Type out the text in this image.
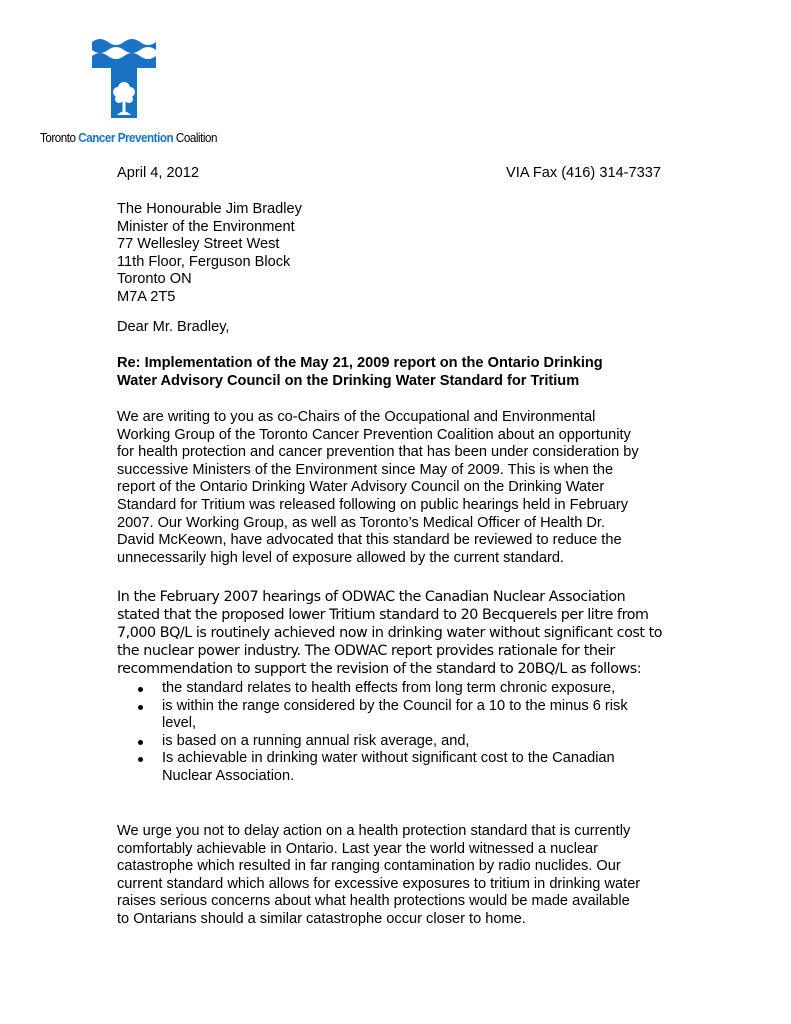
Toronto Cancer Prevention Coalition
April 4, 2012	VIA Fax (416) 314-7337
The Honourable Jim Bradley
Minister of the Environment
77 Wellesley Street West
11th Floor, Ferguson Block
Toronto ON
M7A 2T5
Dear Mr. Bradley,
Re: Implementation of the May 21, 2009 report on the Ontario Drinking
Water Advisory Council on the Drinking Water Standard for Tritium
We are writing to you as co-Chairs of the Occupational and Environmental
Working Group of the Toronto Cancer Prevention Coalition about an opportunity
for health protection and cancer prevention that has been under consideration by
successive Ministers of the Environment since May of 2009. This is when the
report of the Ontario Drinking Water Advisory Council on the Drinking Water
Standard for Tritium was released following on public hearings held in February
2007. Our Working Group, as well as Toronto’s Medical Officer of Health Dr.
David McKeown, have advocated that this standard be reviewed to reduce the
unnecessarily high level of exposure allowed by the current standard.
In the February 2007 hearings of ODWAC the Canadian Nuclear Association
stated that the proposed lower Tritium standard to 20 Becquerels per litre from
7,000 BQ/L is routinely achieved now in drinking water without significant cost to
the nuclear power industry. The ODWAC report provides rationale for their
recommendation to support the revision of the standard to 20BQ/L as follows:
the standard relates to health effects from long term chronic exposure,
is within the range considered by the Council for a 10 to the minus 6 risk
level,
is based on a running annual risk average, and,
Is achievable in drinking water without significant cost to the Canadian
Nuclear Association.
We urge you not to delay action on a health protection standard that is currently
comfortably achievable in Ontario. Last year the world witnessed a nuclear
catastrophe which resulted in far ranging contamination by radio nuclides. Our
current standard which allows for excessive exposures to tritium in drinking water
raises serious concerns about what health protections would be made available
to Ontarians should a similar catastrophe occur closer to home.
